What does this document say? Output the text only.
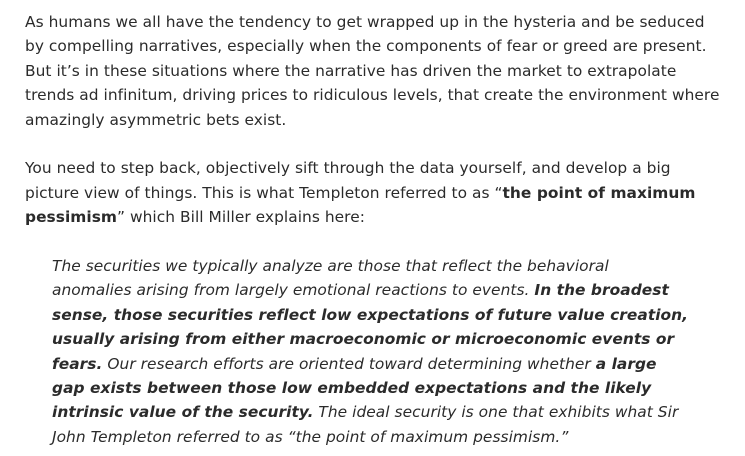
As humans we all have the tendency to get wrapped up in the hysteria and be seduced by compelling narratives, especially when the components of fear or greed are present. But it’s in these situations where the narrative has driven the market to extrapolate trends ad infinitum, driving prices to ridiculous levels, that create the environment where amazingly asymmetric bets exist.

You need to step back, objectively sift through the data yourself, and develop a big picture view of things. This is what Templeton referred to as “the point of maximum pessimism” which Bill Miller explains here:

The securities we typically analyze are those that reflect the behavioral anomalies arising from largely emotional reactions to events. In the broadest sense, those securities reflect low expectations of future value creation, usually arising from either macroeconomic or microeconomic events or fears. Our research efforts are oriented toward determining whether a large gap exists between those low embedded expectations and the likely intrinsic value of the security. The ideal security is one that exhibits what Sir John Templeton referred to as “the point of maximum pessimism.”
